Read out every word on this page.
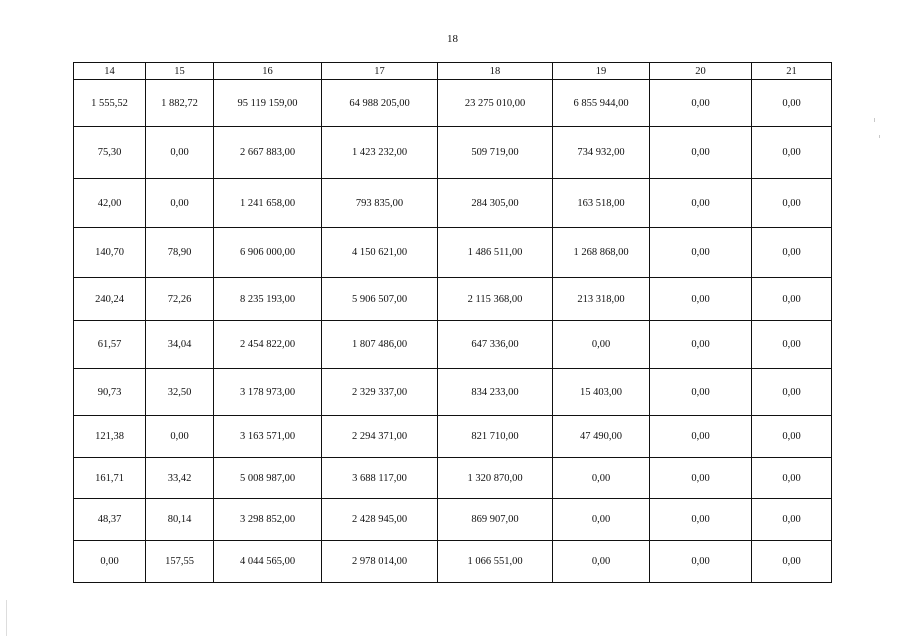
18
14	15	16	17	18	19	20	21
1 555,52	1 882,72	95 119 159,00	64 988 205,00	23 275 010,00	6 855 944,00	0,00	0,00
75,30	0,00	2 667 883,00	1 423 232,00	509 719,00	734 932,00	0,00	0,00
42,00	0,00	1 241 658,00	793 835,00	284 305,00	163 518,00	0,00	0,00
140,70	78,90	6 906 000,00	4 150 621,00	1 486 511,00	1 268 868,00	0,00	0,00
240,24	72,26	8 235 193,00	5 906 507,00	2 115 368,00	213 318,00	0,00	0,00
61,57	34,04	2 454 822,00	1 807 486,00	647 336,00	0,00	0,00	0,00
90,73	32,50	3 178 973,00	2 329 337,00	834 233,00	15 403,00	0,00	0,00
121,38	0,00	3 163 571,00	2 294 371,00	821 710,00	47 490,00	0,00	0,00
161,71	33,42	5 008 987,00	3 688 117,00	1 320 870,00	0,00	0,00	0,00
48,37	80,14	3 298 852,00	2 428 945,00	869 907,00	0,00	0,00	0,00
0,00	157,55	4 044 565,00	2 978 014,00	1 066 551,00	0,00	0,00	0,00
